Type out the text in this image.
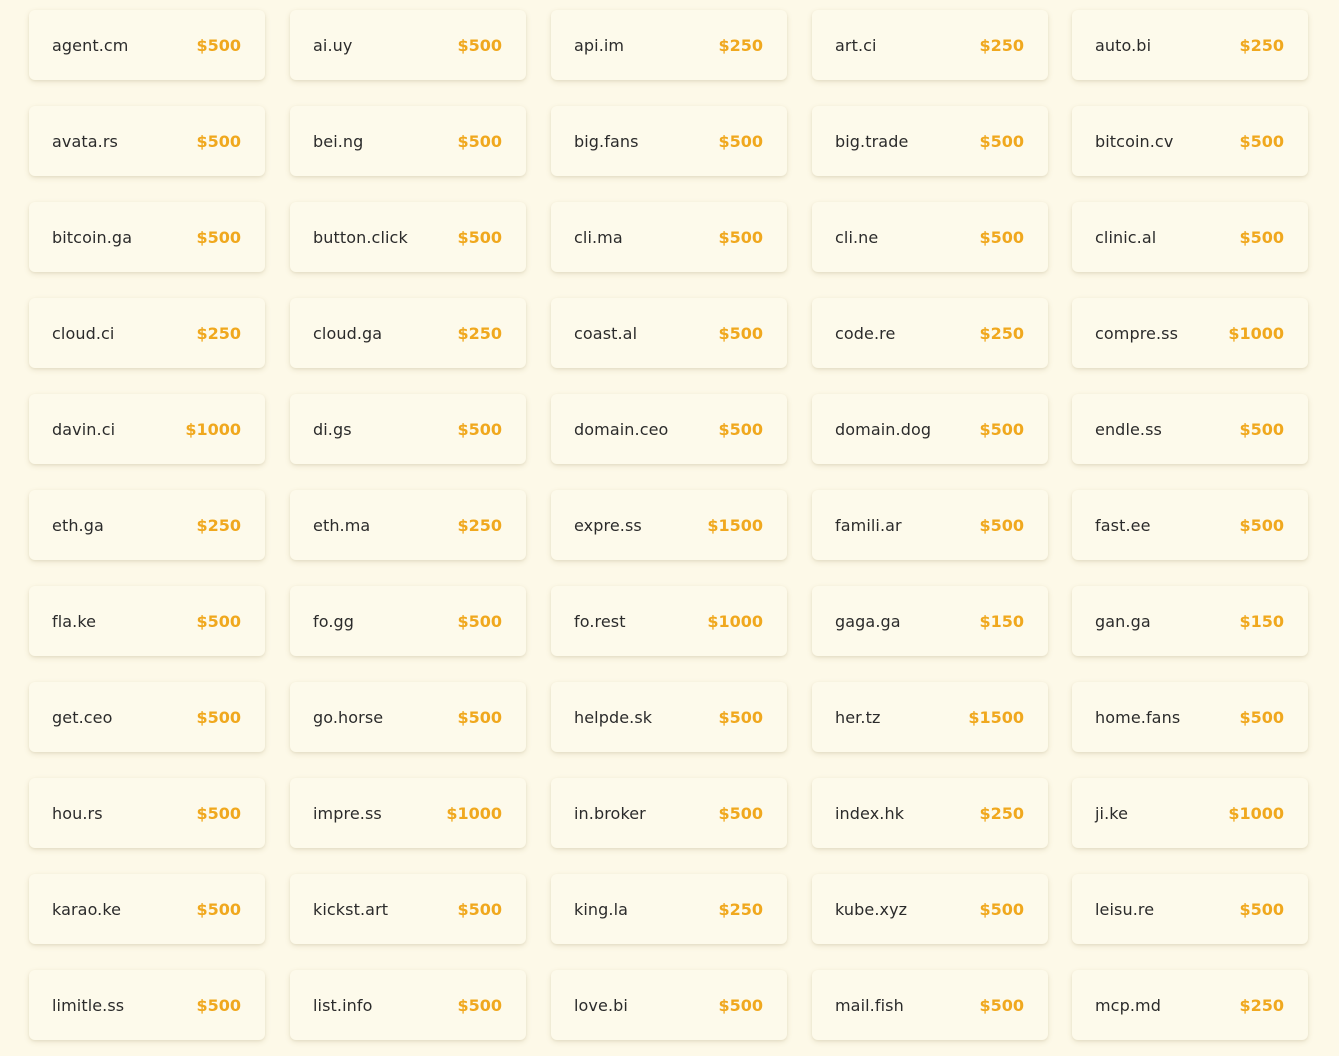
agent.cm	$500	ai.uy	$500	api.im	$250	art.ci	$250	auto.bi	$250
avata.rs	$500	bei.ng	$500	big.fans	$500	big.trade	$500	bitcoin.cv	$500
bitcoin.ga	$500	button.click	$500	cli.ma	$500	cli.ne	$500	clinic.al	$500
cloud.ci	$250	cloud.ga	$250	coast.al	$500	code.re	$250	compre.ss	$1000
davin.ci	$1000	di.gs	$500	domain.ceo	$500	domain.dog	$500	endle.ss	$500
eth.ga	$250	eth.ma	$250	expre.ss	$1500	famili.ar	$500	fast.ee	$500
fla.ke	$500	fo.gg	$500	fo.rest	$1000	gaga.ga	$150	gan.ga	$150
get.ceo	$500	go.horse	$500	helpde.sk	$500	her.tz	$1500	home.fans	$500
hou.rs	$500	impre.ss	$1000	in.broker	$500	index.hk	$250	ji.ke	$1000
karao.ke	$500	kickst.art	$500	king.la	$250	kube.xyz	$500	leisu.re	$500
limitle.ss	$500	list.info	$500	love.bi	$500	mail.fish	$500	mcp.md	$250
